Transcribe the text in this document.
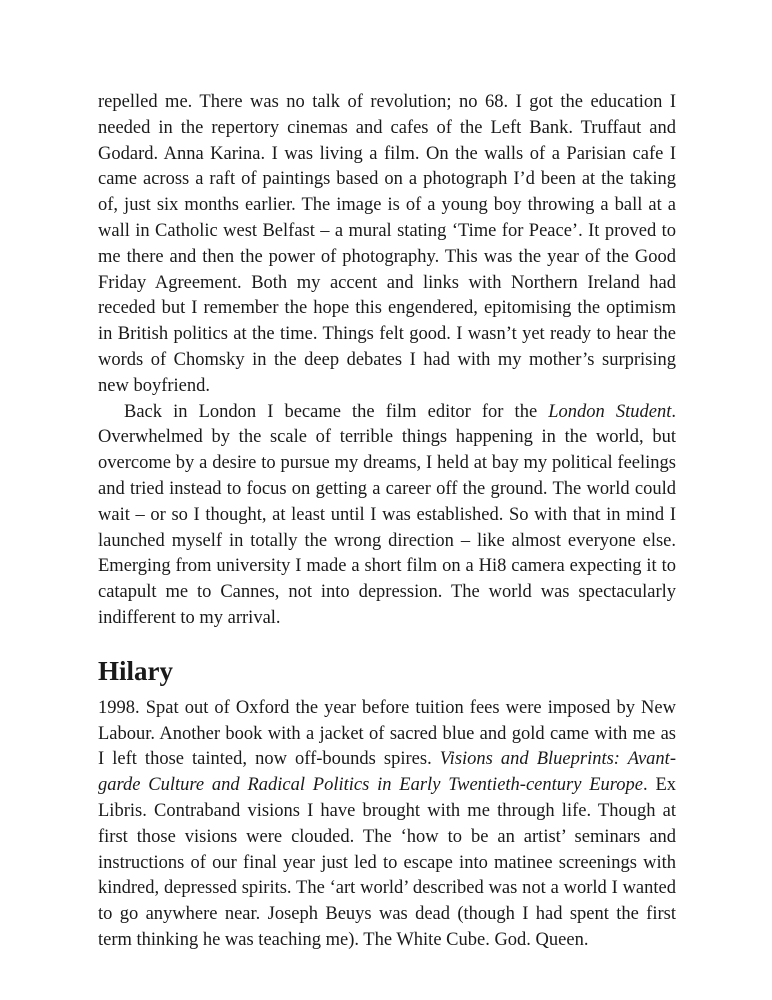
repelled me. There was no talk of revolution; no 68. I got the education I needed in the repertory cinemas and cafes of the Left Bank. Truffaut and Godard. Anna Karina. I was living a film. On the walls of a Parisian cafe I came across a raft of paintings based on a photograph I’d been at the taking of, just six months earlier. The image is of a young boy throwing a ball at a wall in Catholic west Belfast – a mural stating ‘Time for Peace’. It proved to me there and then the power of photography. This was the year of the Good Friday Agreement. Both my accent and links with Northern Ireland had receded but I remember the hope this engendered, epitomising the optimism in British politics at the time. Things felt good. I wasn’t yet ready to hear the words of Chomsky in the deep debates I had with my mother’s surprising new boyfriend.

Back in London I became the film editor for the London Student. Overwhelmed by the scale of terrible things happening in the world, but overcome by a desire to pursue my dreams, I held at bay my political feelings and tried instead to focus on getting a career off the ground. The world could wait – or so I thought, at least until I was established. So with that in mind I launched myself in totally the wrong direction – like almost everyone else. Emerging from university I made a short film on a Hi8 camera expecting it to catapult me to Cannes, not into depression. The world was spectacularly indifferent to my arrival.

Hilary

1998. Spat out of Oxford the year before tuition fees were imposed by New Labour. Another book with a jacket of sacred blue and gold came with me as I left those tainted, now off-bounds spires. Visions and Blueprints: Avant-garde Culture and Radical Politics in Early Twentieth-century Europe. Ex Libris. Contraband visions I have brought with me through life. Though at first those visions were clouded. The ‘how to be an artist’ seminars and instructions of our final year just led to escape into matinee screenings with kindred, depressed spirits. The ‘art world’ described was not a world I wanted to go anywhere near. Joseph Beuys was dead (though I had spent the first term thinking he was teaching me). The White Cube. God. Queen.
